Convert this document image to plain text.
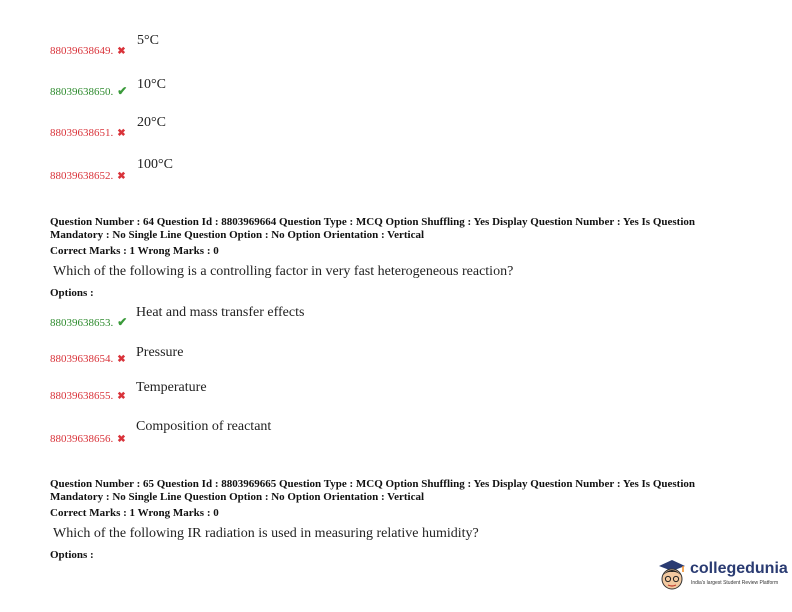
88039638649. ✖
5°C
88039638650. ✔ 10°C
88039638651. ✖
20°C
88039638652. ✖
100°C
Question Number : 64 Question Id : 8803969664 Question Type : MCQ Option Shuffling : Yes Display Question Number : Yes Is Question
Mandatory : No Single Line Question Option : No Option Orientation : Vertical
Correct Marks : 1 Wrong Marks : 0
Which of the following is a controlling factor in very fast heterogeneous reaction?
Options :
88039638653. ✔
Heat and mass transfer effects
88039638654. ✖ Pressure
88039638655. ✖
Temperature
88039638656. ✖
Composition of reactant
Question Number : 65 Question Id : 8803969665 Question Type : MCQ Option Shuffling : Yes Display Question Number : Yes Is Question
Mandatory : No Single Line Question Option : No Option Orientation : Vertical
Correct Marks : 1 Wrong Marks : 0
Which of the following IR radiation is used in measuring relative humidity?
Options :
collegedunia
India's largest Student Review Platform
